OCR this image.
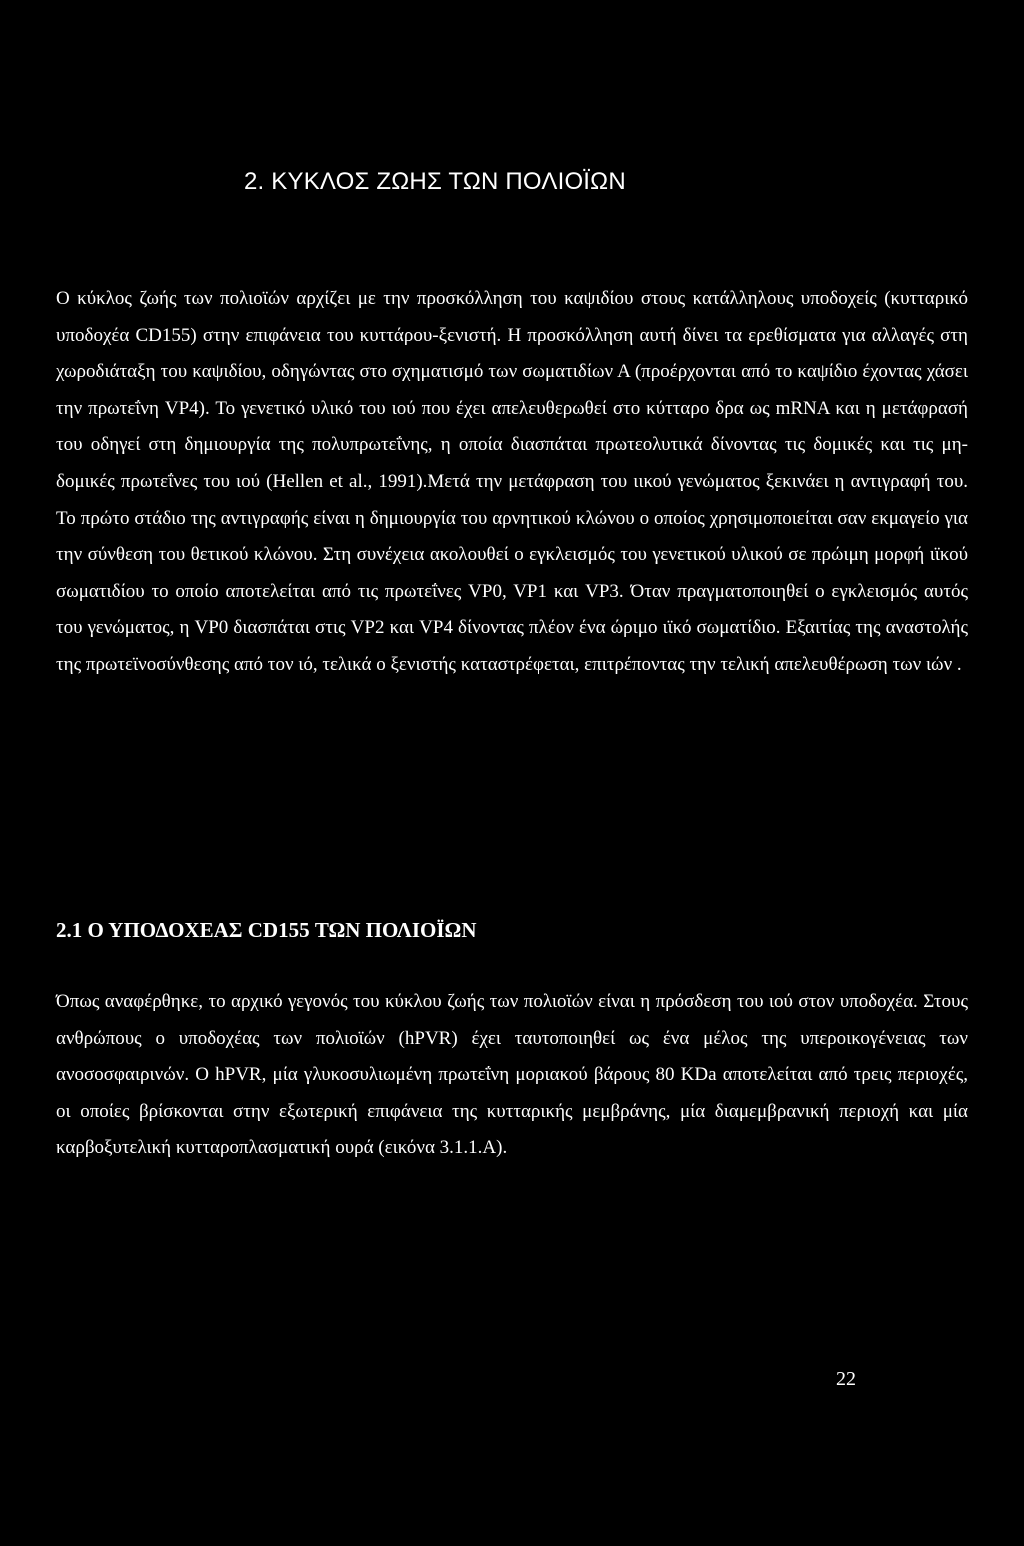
2. ΚΥΚΛΟΣ ΖΩΗΣ ΤΩΝ ΠΟΛΙΟΪΩΝ
Ο κύκλος ζωής των πολιοϊών αρχίζει με την προσκόλληση του καψιδίου στους κατάλληλους υποδοχείς (κυτταρικό υποδοχέα CD155) στην επιφάνεια του κυττάρου-ξενιστή. Η προσκόλληση αυτή δίνει τα ερεθίσματα για αλλαγές στη χωροδιάταξη του καψιδίου, οδηγώντας στο σχηματισμό των σωματιδίων Α (προέρχονται από το καψίδιο έχοντας χάσει την πρωτεΐνη VP4). Το γενετικό υλικό του ιού που έχει απελευθερωθεί στο κύτταρο δρα ως mRNA και η μετάφρασή του οδηγεί στη δημιουργία της πολυπρωτεΐνης, η οποία διασπάται πρωτεολυτικά δίνοντας τις δομικές και τις μη-δομικές πρωτεΐνες του ιού (Hellen et al., 1991).Μετά την μετάφραση του ιικού γενώματος ξεκινάει η αντιγραφή του. Το πρώτο στάδιο της αντιγραφής είναι η δημιουργία του αρνητικού κλώνου ο οποίος χρησιμοποιείται σαν εκμαγείο για την σύνθεση του θετικού κλώνου. Στη συνέχεια ακολουθεί ο εγκλεισμός του γενετικού υλικού σε πρώιμη μορφή ιϊκού σωματιδίου το οποίο αποτελείται από τις πρωτεΐνες VP0, VP1 και VP3. Όταν πραγματοποιηθεί ο εγκλεισμός αυτός του γενώματος, η VP0 διασπάται στις VP2 και VP4 δίνοντας πλέον ένα ώριμο ιϊκό σωματίδιο. Εξαιτίας της αναστολής της πρωτεϊνοσύνθεσης από τον ιό, τελικά ο ξενιστής καταστρέφεται, επιτρέποντας την τελική απελευθέρωση των ιών .
2.1 Ο ΥΠΟΔΟΧΕΑΣ CD155 ΤΩΝ ΠΟΛΙΟΪΩΝ
Όπως αναφέρθηκε, το αρχικό γεγονός του κύκλου ζωής των πολιοϊών είναι η πρόσδεση του ιού στον υποδοχέα. Στους ανθρώπους ο υποδοχέας των πολιοϊών (hPVR) έχει ταυτοποιηθεί ως ένα μέλος της υπεροικογένειας των ανοσοσφαιρινών. Ο hPVR, μία γλυκοσυλιωμένη πρωτεΐνη μοριακού βάρους 80 KDa αποτελείται από τρεις περιοχές, οι οποίες βρίσκονται στην εξωτερική επιφάνεια της κυτταρικής μεμβράνης, μία διαμεμβρανική περιοχή και μία καρβοξυτελική κυτταροπλασματική ουρά (εικόνα 3.1.1.Α).
22
